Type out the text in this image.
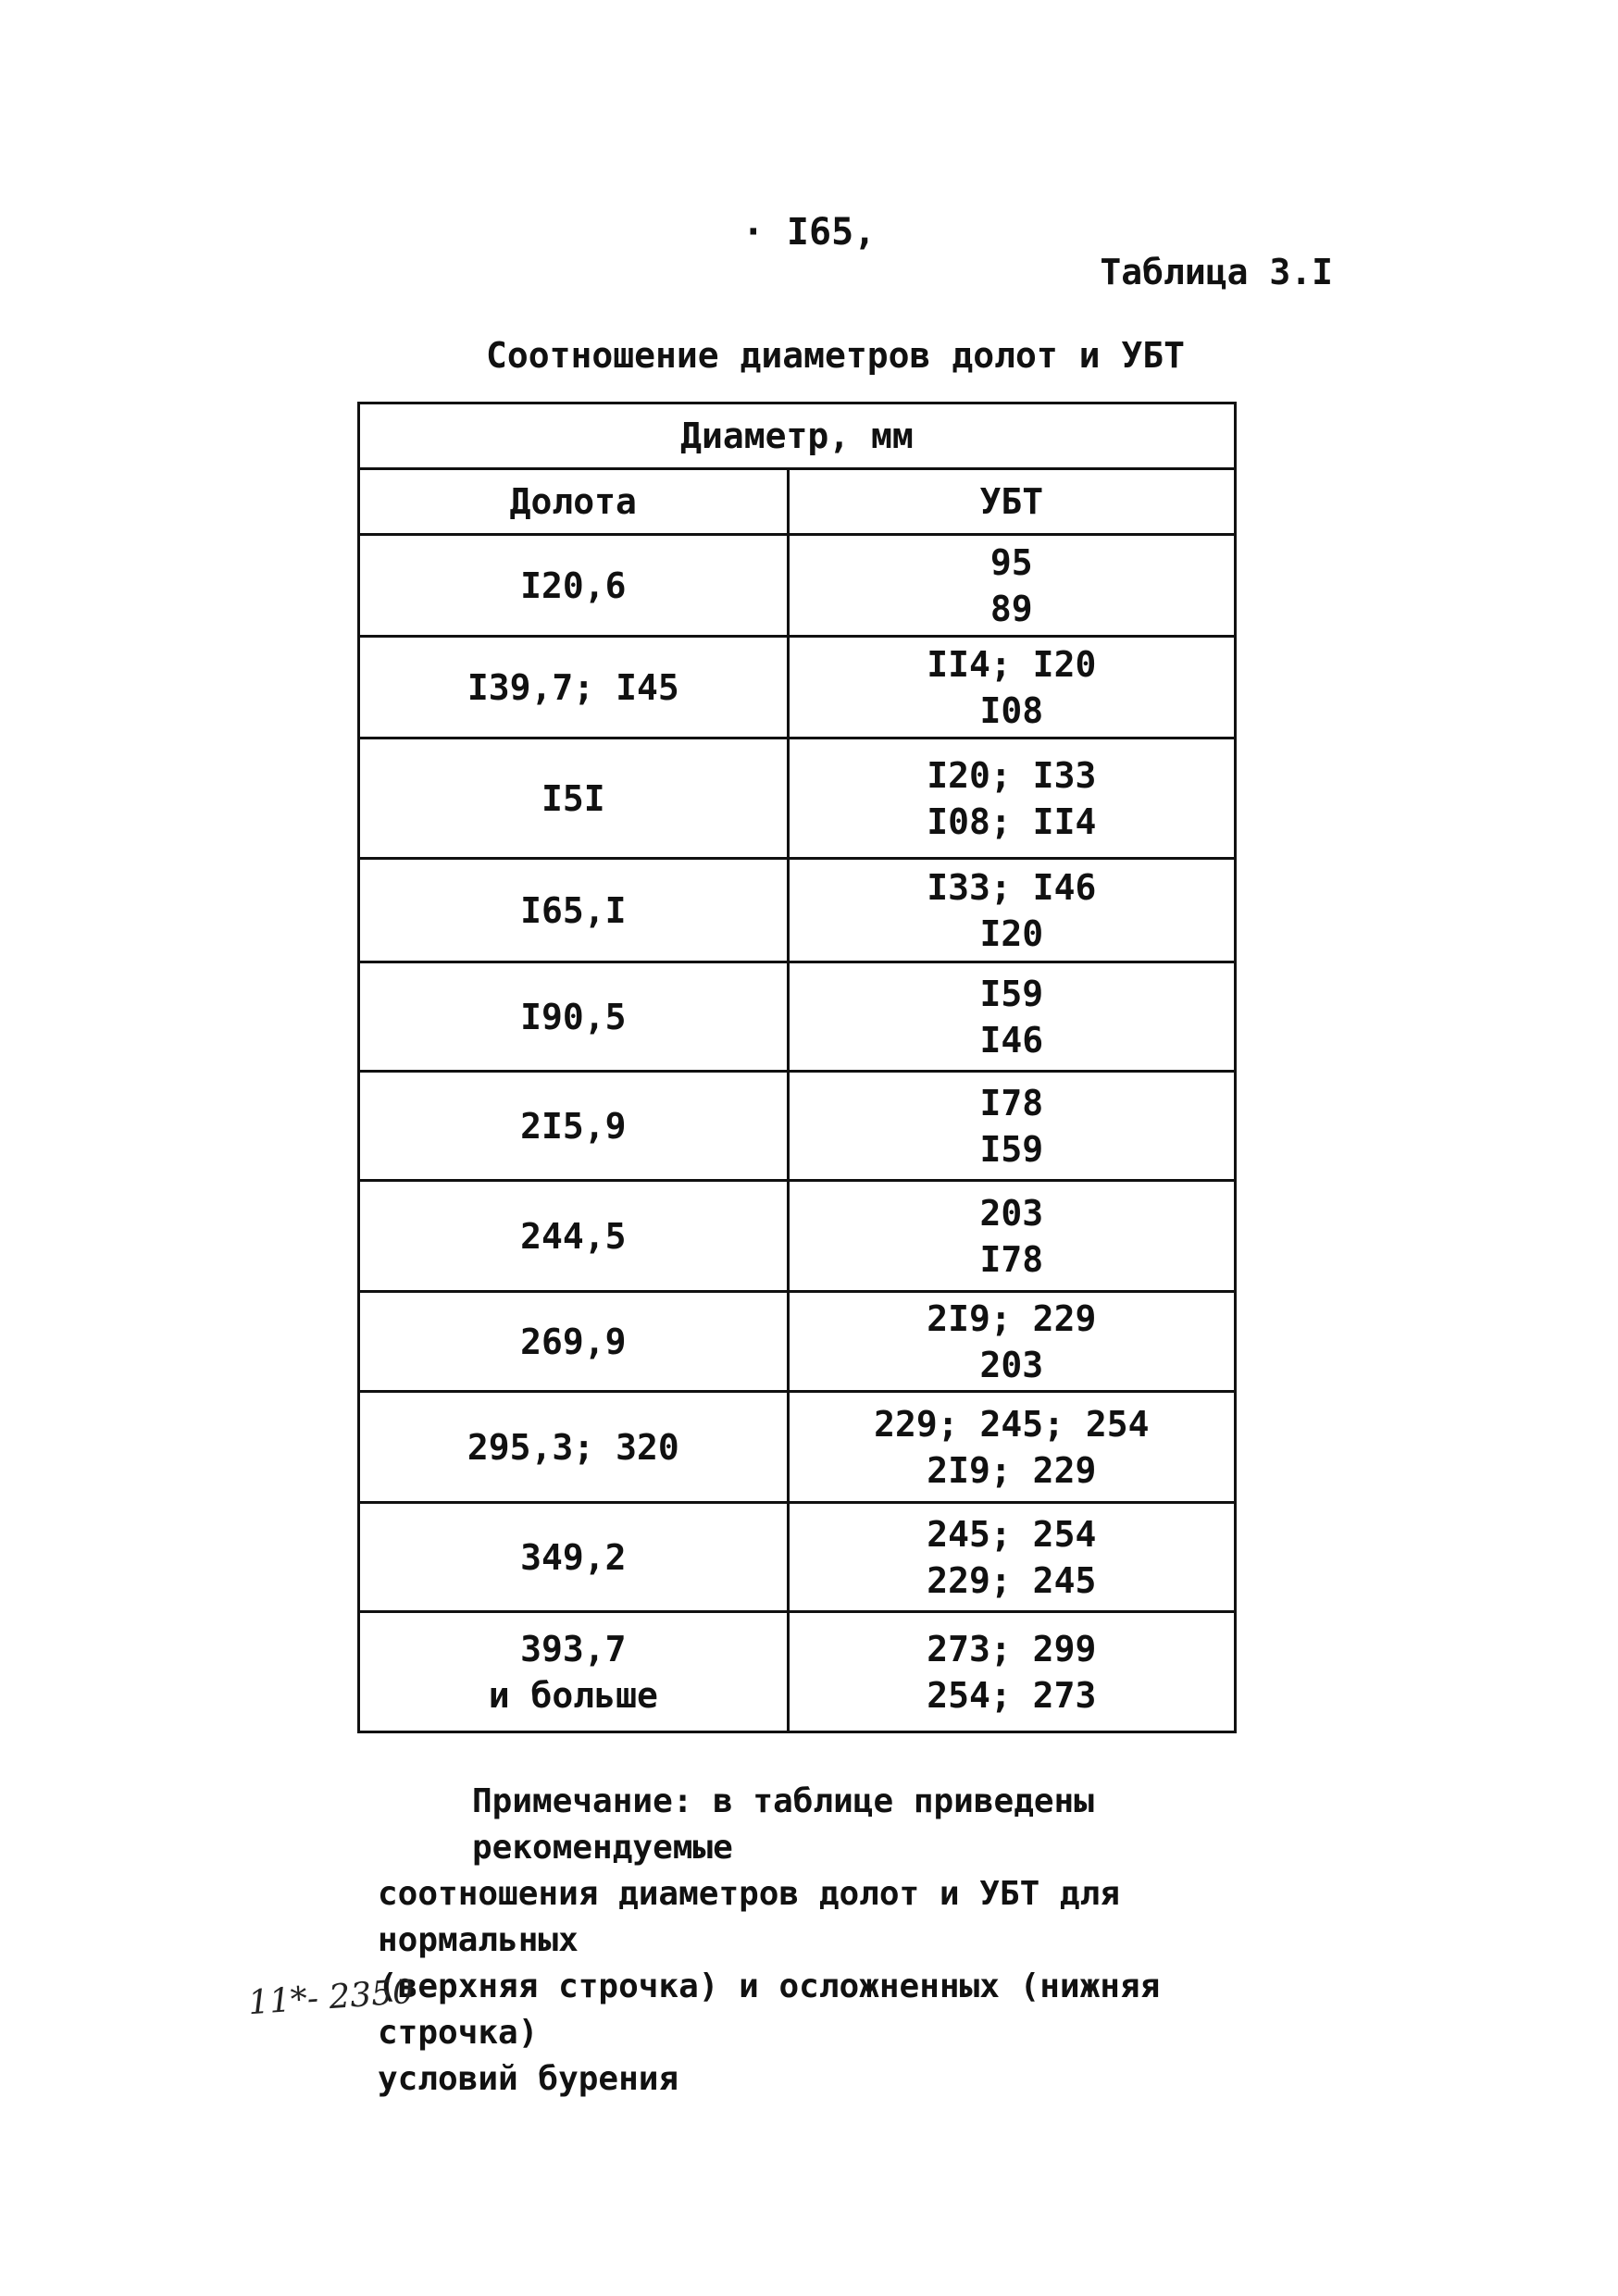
· I65,
Таблица 3.I
Соотношение диаметров долот и УБТ
Диаметр, мм	
Долота	УБТ

I20,6	95
89

I39,7; I45	II4; I20
I08

I5I	I20; I33
I08; II4

I65,I	I33; I46
I20

I90,5	I59
I46

2I5,9	I78
I59

244,5	203
I78

269,9	2I9; 229
203

295,3; 320	229; 245; 254
2I9; 229

349,2	245; 254
229; 245

393,7
и больше	273; 299
254; 273
Примечание: в таблице приведены рекомендуемые
соотношения диаметров долот и УБТ для нормальных
(верхняя строчка) и осложненных (нижняя строчка)
условий бурения
11*- 2350
